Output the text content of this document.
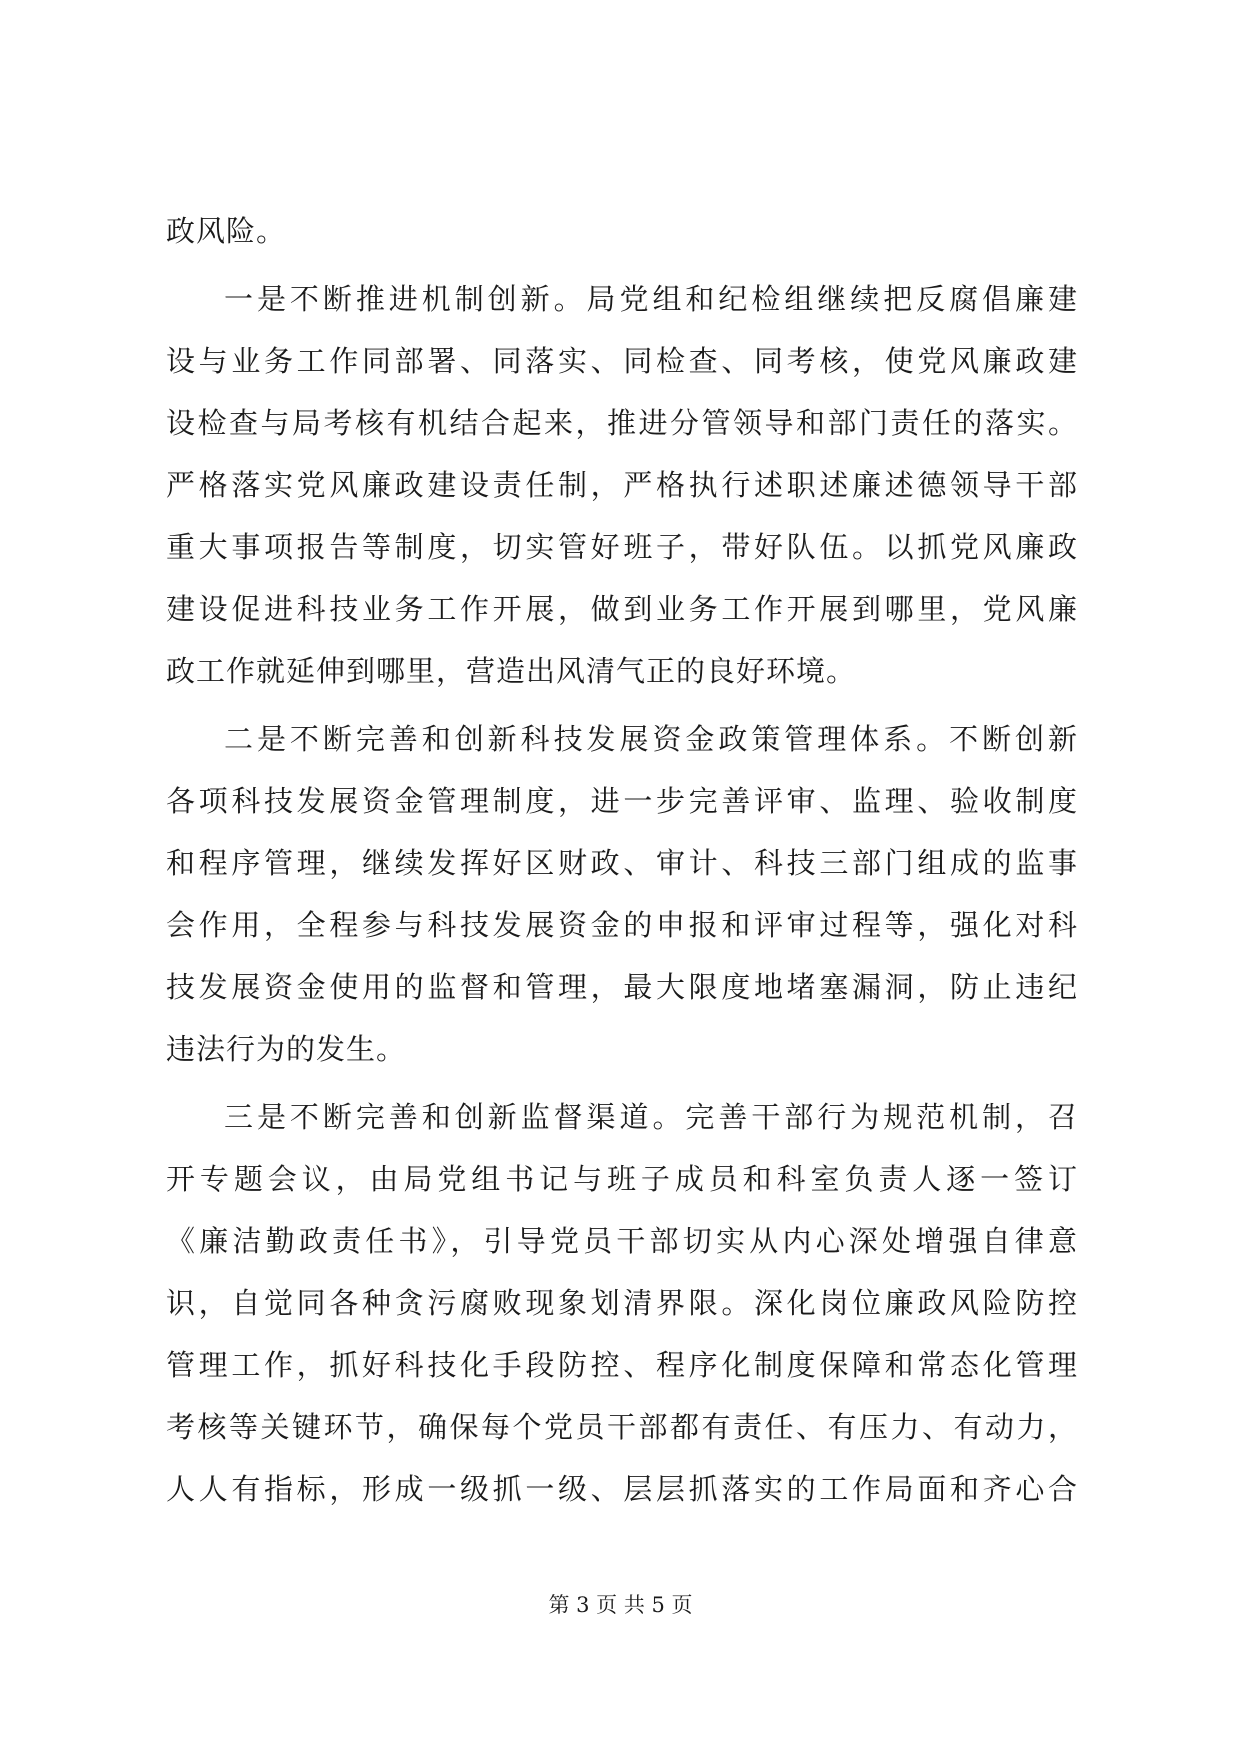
政风险。
一是不断推进机制创新。局党组和纪检组继续把反腐倡廉建
设与业务工作同部署、同落实、同检查、同考核，使党风廉政建
设检查与局考核有机结合起来，推进分管领导和部门责任的落实。
严格落实党风廉政建设责任制，严格执行述职述廉述德领导干部
重大事项报告等制度，切实管好班子，带好队伍。以抓党风廉政
建设促进科技业务工作开展，做到业务工作开展到哪里，党风廉
政工作就延伸到哪里，营造出风清气正的良好环境。
二是不断完善和创新科技发展资金政策管理体系。不断创新
各项科技发展资金管理制度，进一步完善评审、监理、验收制度
和程序管理，继续发挥好区财政、审计、科技三部门组成的监事
会作用，全程参与科技发展资金的申报和评审过程等，强化对科
技发展资金使用的监督和管理，最大限度地堵塞漏洞，防止违纪
违法行为的发生。
三是不断完善和创新监督渠道。完善干部行为规范机制，召
开专题会议，由局党组书记与班子成员和科室负责人逐一签订
《廉洁勤政责任书》，引导党员干部切实从内心深处增强自律意
识，自觉同各种贪污腐败现象划清界限。深化岗位廉政风险防控
管理工作，抓好科技化手段防控、程序化制度保障和常态化管理
考核等关键环节，确保每个党员干部都有责任、有压力、有动力，
人人有指标，形成一级抓一级、层层抓落实的工作局面和齐心合
第 3 页 共 5 页
